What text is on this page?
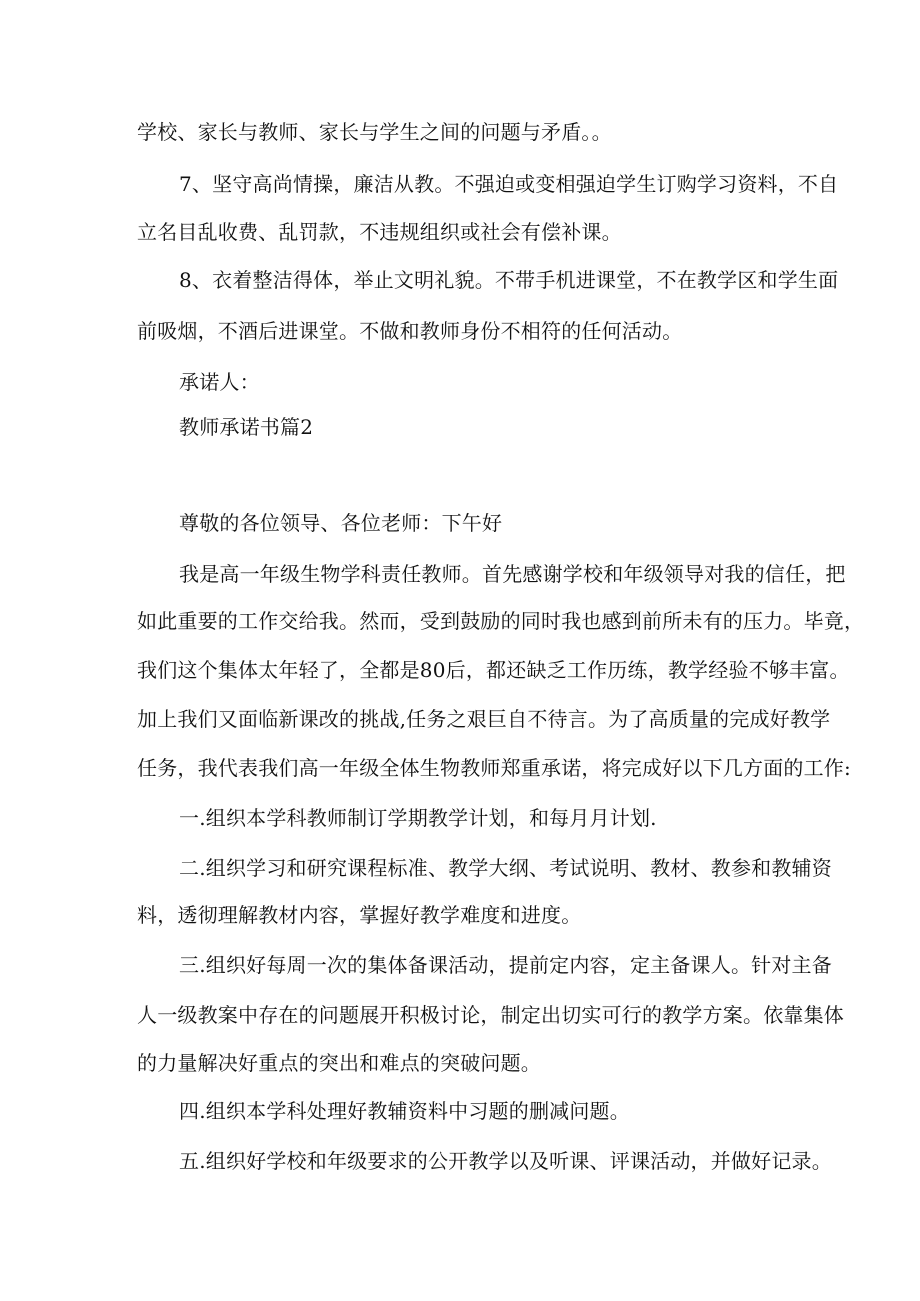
学校、家长与教师、家长与学生之间的问题与矛盾。。
7、坚守高尚情操，廉洁从教。不强迫或变相强迫学生订购学习资料，不自
立名目乱收费、乱罚款，不违规组织或社会有偿补课。
8、衣着整洁得体，举止文明礼貌。不带手机进课堂，不在教学区和学生面
前吸烟，不酒后进课堂。不做和教师身份不相符的任何活动。
承诺人：
教师承诺书篇2
尊敬的各位领导、各位老师：下午好
我是高一年级生物学科责任教师。首先感谢学校和年级领导对我的信任，把
如此重要的工作交给我。然而，受到鼓励的同时我也感到前所未有的压力。毕竟，
我们这个集体太年轻了，全都是80后，都还缺乏工作历练，教学经验不够丰富。
加上我们又面临新课改的挑战,任务之艰巨自不待言。为了高质量的完成好教学
任务，我代表我们高一年级全体生物教师郑重承诺，将完成好以下几方面的工作:
一.组织本学科教师制订学期教学计划，和每月月计划.
二.组织学习和研究课程标准、教学大纲、考试说明、教材、教参和教辅资
料，透彻理解教材内容，掌握好教学难度和进度。
三.组织好每周一次的集体备课活动，提前定内容，定主备课人。针对主备
人一级教案中存在的问题展开积极讨论，制定出切实可行的教学方案。依靠集体
的力量解决好重点的突出和难点的突破问题。
四.组织本学科处理好教辅资料中习题的删减问题。
五.组织好学校和年级要求的公开教学以及听课、评课活动，并做好记录。
